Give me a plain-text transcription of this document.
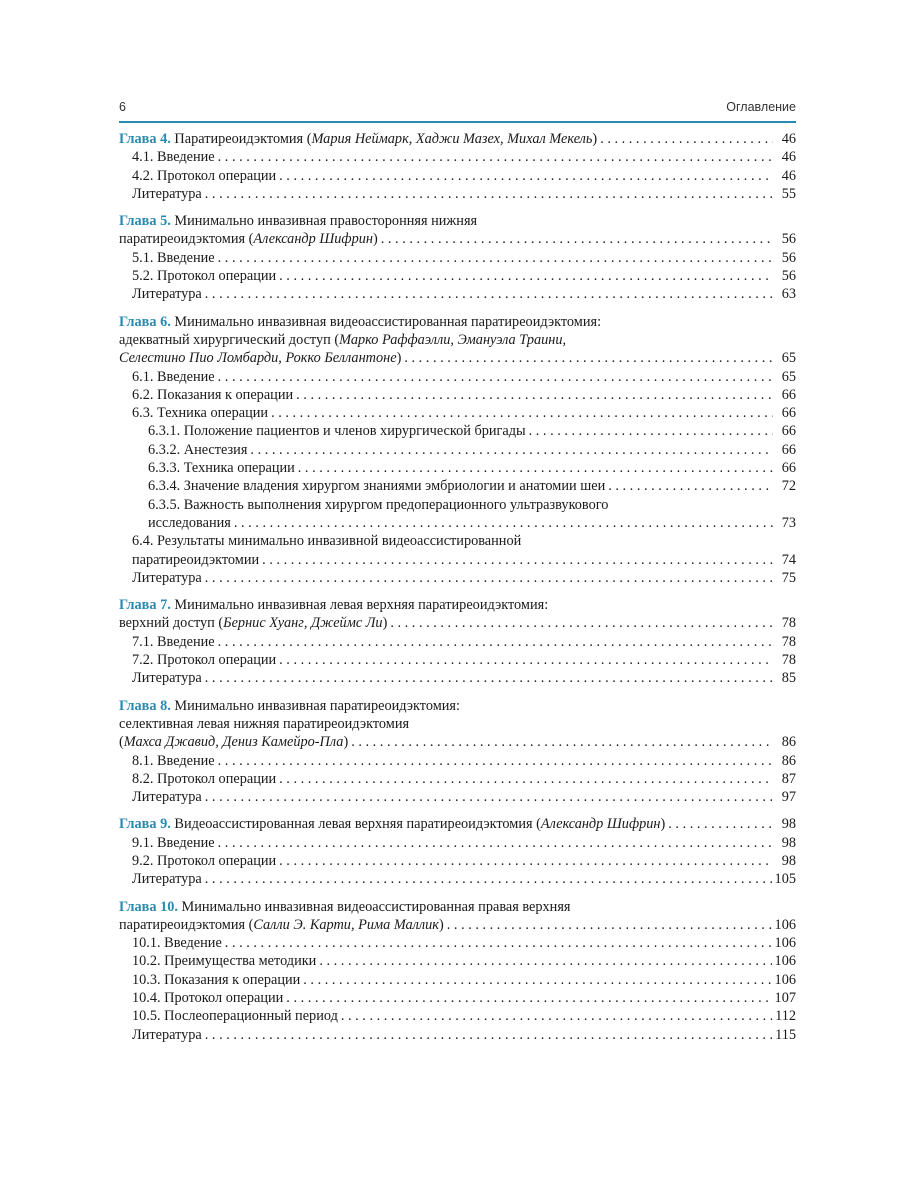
6	Оглавление
Глава 4. Паратиреоидэктомия (Мария Неймарк, Хаджи Мазех, Михал Мекель) . . .	46
4.1. Введение . . .	46
4.2. Протокол операции . . .	46
Литература . . .	55
Глава 5. Минимально инвазивная правосторонняя нижняя
паратиреоидэктомия (Александр Шифрин) . . .	56
5.1. Введение . . .	56
5.2. Протокол операции . . .	56
Литература . . .	63
Глава 6. Минимально инвазивная видеоассистированная паратиреоидэктомия:
адекватный хирургический доступ (Марко Раффаэлли, Эмануэла Траини,
Селестино Пио Ломбарди, Рокко Беллантоне) . . .	65
6.1. Введение . . .	65
6.2. Показания к операции . . .	66
6.3. Техника операции . . .	66
6.3.1. Положение пациентов и членов хирургической бригады . . .	66
6.3.2. Анестезия . . .	66
6.3.3. Техника операции . . .	66
6.3.4. Значение владения хирургом знаниями эмбриологии и анатомии шеи . . .	72
6.3.5. Важность выполнения хирургом предоперационного ультразвукового
исследования . . .	73
6.4. Результаты минимально инвазивной видеоассистированной
паратиреоидэктомии . . .	74
Литература . . .	75
Глава 7. Минимально инвазивная левая верхняя паратиреоидэктомия:
верхний доступ (Бернис Хуанг, Джеймс Ли) . . .	78
7.1. Введение . . .	78
7.2. Протокол операции . . .	78
Литература . . .	85
Глава 8. Минимально инвазивная паратиреоидэктомия:
селективная левая нижняя паратиреоидэктомия
(Махса Джавид, Дениз Камейро-Пла) . . .	86
8.1. Введение . . .	86
8.2. Протокол операции . . .	87
Литература . . .	97
Глава 9. Видеоассистированная левая верхняя паратиреоидэктомия (Александр Шифрин) . . .	98
9.1. Введение . . .	98
9.2. Протокол операции . . .	98
Литература . . .	105
Глава 10. Минимально инвазивная видеоассистированная правая верхняя
паратиреоидэктомия (Салли Э. Карти, Рима Маллик) . . .	106
10.1. Введение . . .	106
10.2. Преимущества методики . . .	106
10.3. Показания к операции . . .	106
10.4. Протокол операции . . .	107
10.5. Послеоперационный период . . .	112
Литература . . .	115
